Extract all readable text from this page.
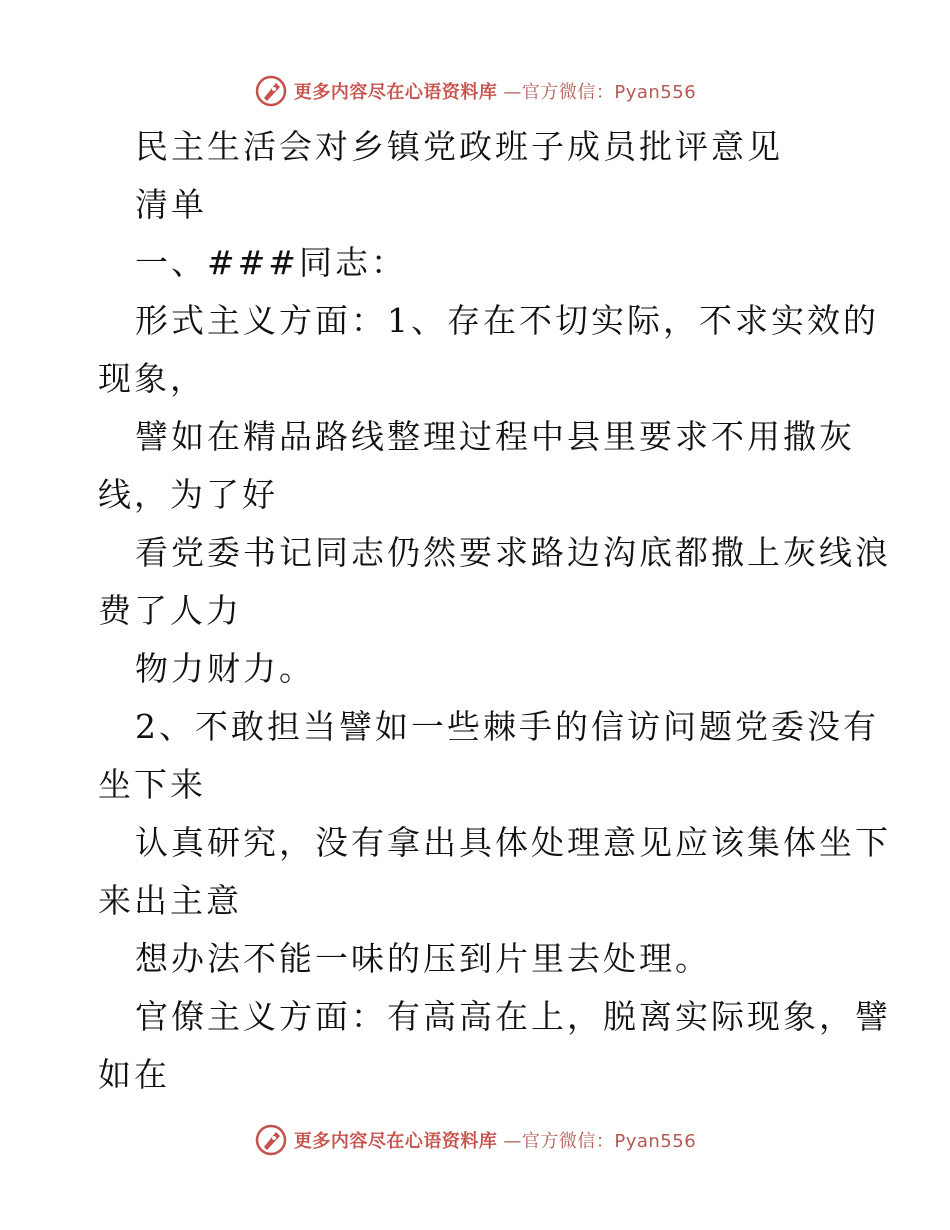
更多内容尽在心语资料库 —官方微信：Pyan556
民主生活会对乡镇党政班子成员批评意见
清单
一、###同志：
形式主义方面：1、存在不切实际，不求实效的
现象，
譬如在精品路线整理过程中县里要求不用撒灰
线，为了好
看党委书记同志仍然要求路边沟底都撒上灰线浪
费了人力
物力财力。
2、不敢担当譬如一些棘手的信访问题党委没有
坐下来
认真研究，没有拿出具体处理意见应该集体坐下
来出主意
想办法不能一味的压到片里去处理。
官僚主义方面：有高高在上，脱离实际现象，譬
如在
更多内容尽在心语资料库 —官方微信：Pyan556
